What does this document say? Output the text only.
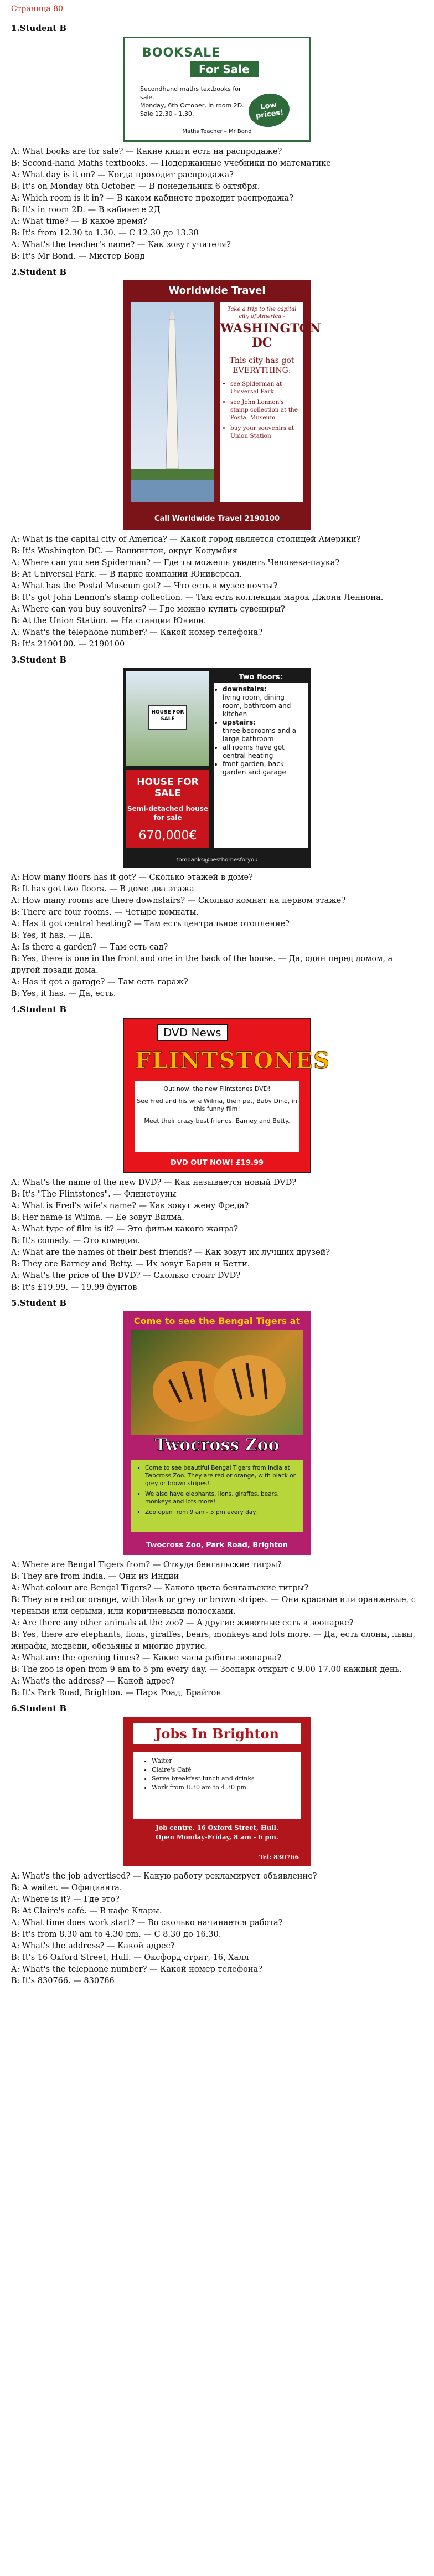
Страница 80
1.Student B
BOOKSALE
For Sale
Secondhand maths textbooks for sale.
Monday, 6th October, in room 2D.
Sale 12.30 - 1.30.
Low prices!
Maths Teacher – Mr Bond

A: What books are for sale? — Какие книги есть на распродаже?

B: Second-hand Maths textbooks. — Подержанные учебники по математике

A: What day is it on? — Когда проходит распродажа?

B: It's on Monday 6th October. — В понедельник 6 октября.

A: Which room is it in? — В каком кабинете проходит распродажа?

B: It's in room 2D. — В кабинете 2Д

A: What time? — В какое время?

B: It's from 12.30 to 1.30. — С 12.30 до 13.30

A: What's the teacher's name? — Как зовут учителя?

B: It's Mr Bond. — Мистер Бонд

2.Student B
Worldwide Travel
Take a trip to the capital city of America -
WASHINGTON DC
This city has got EVERYTHING:
• see Spiderman at Universal Park
• see John Lennon's stamp collection at the Postal Museum
• buy your souvenirs at Union Station
Call Worldwide Travel 2190100

A: What is the capital city of America? — Какой город является столицей Америки?

B: It's Washington DC. — Вашингтон, округ Колумбия

A: Where can you see Spiderman? — Где ты можешь увидеть Человека-паука?

B: At Universal Park. — В парке компании Юниверсал.

A: What has the Postal Museum got? — Что есть в музее почты?

B: It's got John Lennon's stamp collection. — Там есть коллекция марок Джона Леннона.

A: Where can you buy souvenirs? — Где можно купить сувениры?

B: At the Union Station. — На станции Юнион.

A: What's the telephone number? — Какой номер телефона?

B: It's 2190100. — 2190100

3.Student B
HOUSE FOR SALE
HOUSE FOR SALE
Semi-detached house for sale
670,000€
Two floors:
• downstairs:
living room, dining room, bathroom and kitchen
• upstairs:
three bedrooms and a large bathroom
• all rooms have got central heating
• front garden, back garden and garage
tombanks@besthomesforyou

A: How many floors has it got? — Сколько этажей в доме?

B: It has got two floors. — В доме два этажа

A: How many rooms are there downstairs? — Сколько комнат на первом этаже?

B: There are four rooms. — Четыре комнаты.

A: Has it got central heating? — Там есть центральное отопление?

B: Yes, it has. — Да.

A: Is there a garden? — Там есть сад?

B: Yes, there is one in the front and one in the back of the house. — Да, один перед домом, а другой позади дома.

A: Has it got a garage? — Там есть гараж?

B: Yes, it has. — Да, есть.

4.Student B
DVD News
FLINTSTONES

Out now, the new Flintstones DVD!

See Fred and his wife Wilma, their pet, Baby Dino, in this funny film!

Meet their crazy best friends, Barney and Betty.

DVD OUT NOW! £19.99

A: What's the name of the new DVD? — Как называется новый DVD?

B: It's "The Flintstones". — Флинстоуны

A: What is Fred's wife's name? — Как зовут жену Фреда?

B: Her name is Wilma. — Ее зовут Вилма.

A: What type of film is it? — Это фильм какого жанра?

B: It's comedy. — Это комедия.

A: What are the names of their best friends? — Как зовут их лучших друзей?

B: They are Barney and Betty. — Их зовут Барни и Бетти.

A: What's the price of the DVD? — Сколько стоит DVD?

B: It's £19.99. — 19.99 фунтов

5.Student B
Come to see the Bengal Tigers at
Twocross Zoo
• Come to see beautiful Bengal Tigers from India at Twocross Zoo. They are red or orange, with black or grey or brown stripes!
• We also have elephants, lions, giraffes, bears, monkeys and lots more!
• Zoo open from 9 am - 5 pm every day.
Twocross Zoo, Park Road, Brighton

A: Where are Bengal Tigers from? — Откуда бенгальские тигры?

B: They are from India. — Они из Индии

A: What colour are Bengal Tigers? — Какого цвета бенгальские тигры?

B: They are red or orange, with black or grey or brown stripes. — Они красные или оранжевые, с черными или серыми, или коричневыми полосками.

A: Are there any other animals at the zoo? — А другие животные есть в зоопарке?

B: Yes, there are elephants, lions, giraffes, bears, monkeys and lots more. — Да, есть слоны, львы, жирафы, медведи, обезьяны и многие другие.

A: What are the opening times? — Какие часы работы зоопарка?

B: The zoo is open from 9 am to 5 pm every day. — Зоопарк открыт с 9.00 17.00 каждый день.

A: What's the address? — Какой адрес?

B: It's Park Road, Brighton. — Парк Роад, Брайтон

6.Student B
Jobs In Brighton
• Waiter
• Claire's Café
• Serve breakfast lunch and drinks
• Work from 8.30 am to 4.30 pm
Job centre, 16 Oxford Street, Hull.
Open Monday-Friday, 8 am - 6 pm.
Tel: 830766

A: What's the job advertised? — Какую работу рекламирует объявление?

B: A waiter. — Официанта.

A: Where is it? — Где это?

B: At Claire's café. — В кафе Клары.

A: What time does work start? — Во сколько начинается работа?

B: It's from 8.30 am to 4.30 pm. — С 8.30 до 16.30.

A: What's the address? — Какой адрес?

B: It's 16 Oxford Street, Hull. — Оксфорд стрит, 16, Халл

A: What's the telephone number? — Какой номер телефона?

B: It's 830766. — 830766
